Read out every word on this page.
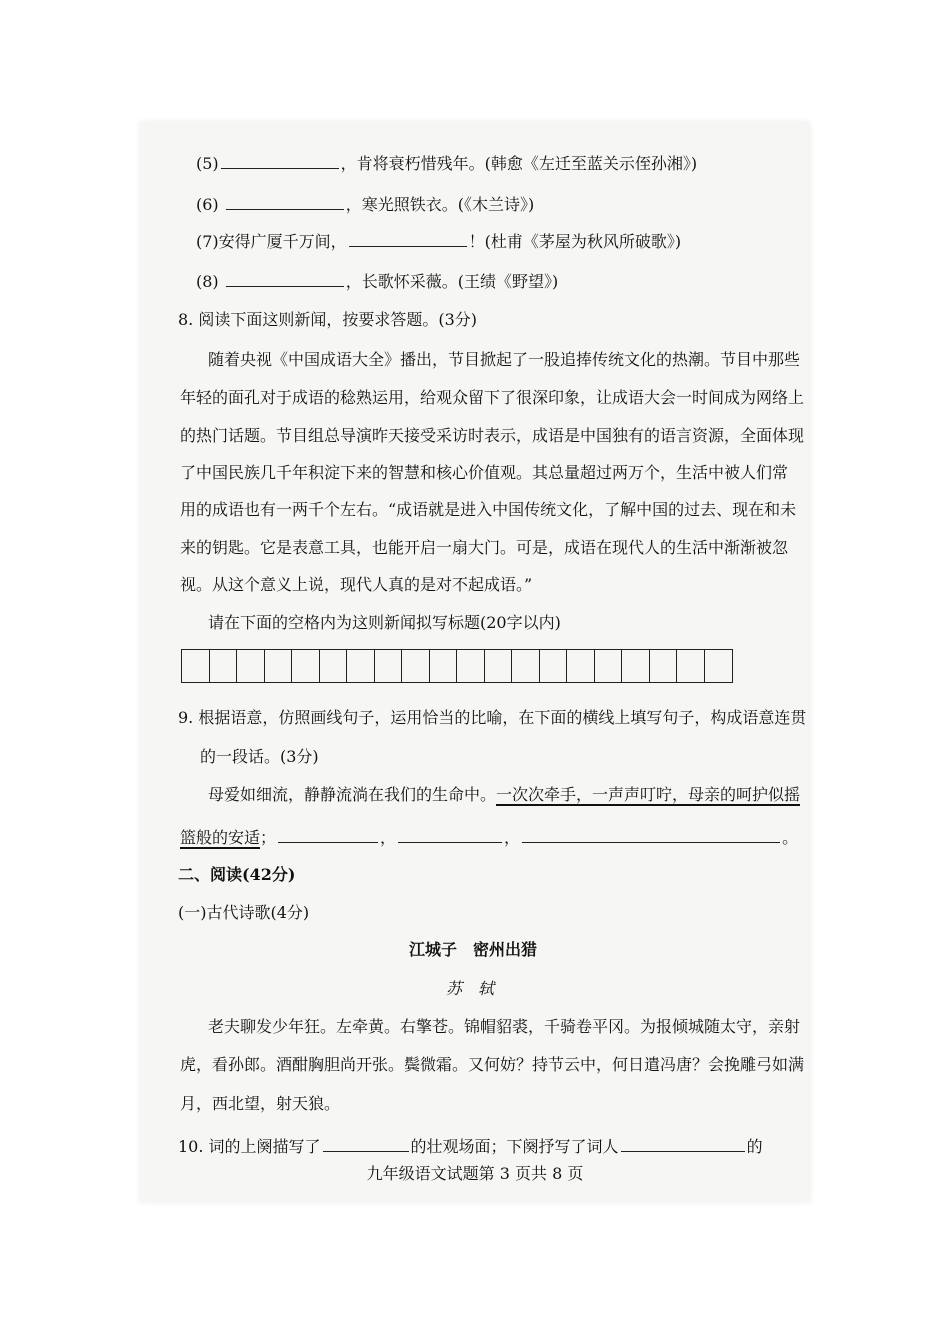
(5)	，肯将衰朽惜残年。(韩愈《左迁至蓝关示侄孙湘》)
(6)	，寒光照铁衣。(《木兰诗》)
(7)安得广厦千万间，	！(杜甫《茅屋为秋风所破歌》)
(8)	，长歌怀采薇。(王绩《野望》)
8. 阅读下面这则新闻，按要求答题。(3分)
随着央视《中国成语大全》播出，节目掀起了一股追捧传统文化的热潮。节目中那些
年轻的面孔对于成语的稔熟运用，给观众留下了很深印象，让成语大会一时间成为网络上
的热门话题。节目组总导演昨天接受采访时表示，成语是中国独有的语言资源，全面体现
了中国民族几千年积淀下来的智慧和核心价值观。其总量超过两万个，生活中被人们常
用的成语也有一两千个左右。“成语就是进入中国传统文化，了解中国的过去、现在和未
来的钥匙。它是表意工具，也能开启一扇大门。可是，成语在现代人的生活中渐渐被忽
视。从这个意义上说，现代人真的是对不起成语。”
请在下面的空格内为这则新闻拟写标题(20字以内)
9. 根据语意，仿照画线句子，运用恰当的比喻，在下面的横线上填写句子，构成语意连贯
的一段话。(3分)
母爱如细流，静静流淌在我们的生命中。一次次牵手，一声声叮咛，母亲的呵护似摇
篮般的安适；	，	，	。
二、阅读(42分)
(一)古代诗歌(4分)
江城子　密州出猎
苏　轼
老夫聊发少年狂。左牵黄。右擎苍。锦帽貂裘，千骑卷平冈。为报倾城随太守，亲射
虎，看孙郎。酒酣胸胆尚开张。鬓微霜。又何妨？持节云中，何日遣冯唐？会挽雕弓如满
月，西北望，射天狼。
10. 词的上阕描写了	的壮观场面；下阕抒写了词人	的
九年级语文试题第 3 页共 8 页
